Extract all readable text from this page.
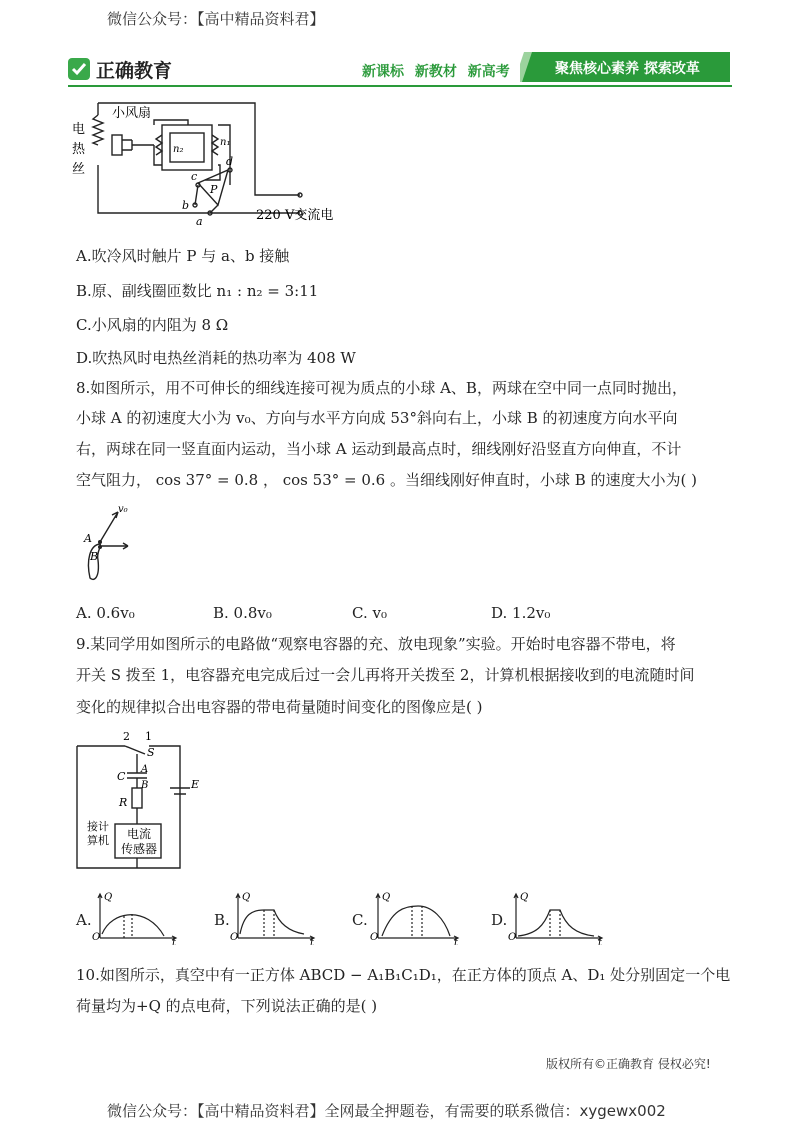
微信公众号：【高中精品资料君】
正确教育	新课标 新教材 新高考	聚焦核心素养 探索改革
电
热
丝
小风扇
n₂
n₁
d
c
P
b
a	220 V交流电
A.吹冷风时触片 P 与 a、b 接触
B.原、副线圈匝数比 n₁ : n₂ = 3:11
C.小风扇的内阻为 8 Ω
D.吹热风时电热丝消耗的热功率为 408 W
8.如图所示，用不可伸长的细线连接可视为质点的小球 A、B，两球在空中同一点同时抛出，
小球 A 的初速度大小为 v₀、方向与水平方向成 53°斜向右上，小球 B 的初速度方向水平向
右，两球在同一竖直面内运动，当小球 A 运动到最高点时，细线刚好沿竖直方向伸直，不计
空气阻力， cos 37° = 0.8 ， cos 53° = 0.6 。当细线刚好伸直时，小球 B 的速度大小为( )
v₀
A
B
A. 0.6v₀	B. 0.8v₀	C. v₀	D. 1.2v₀
9.某同学用如图所示的电路做“观察电容器的充、放电现象”实验。开始时电容器不带电，将
开关 S 拨至 1，电容器充电完成后过一会儿再将开关拨至 2，计算机根据接收到的电流随时间
变化的规律拟合出电容器的带电荷量随时间变化的图像应是( )
2 1
S
C
A
B
R
E
接计
算机 电流
传感器
A.
Q
O
t
B.
Q
O
t
C.
Q
O
t
D.
Q
O
t
10.如图所示，真空中有一正方体 ABCD − A₁B₁C₁D₁，在正方体的顶点 A、D₁ 处分别固定一个电
荷量均为+Q 的点电荷，下列说法正确的是( )
版权所有©正确教育 侵权必究!
微信公众号：【高中精品资料君】全网最全押题卷，有需要的联系微信：xygewx002
